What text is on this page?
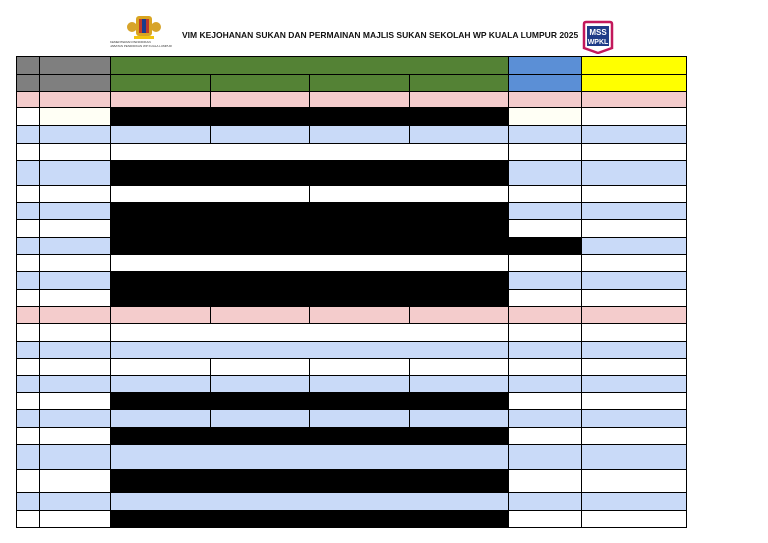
KEMENTERIAN PENDIDIKAN
JABATAN PENDIDIKAN WP KUALA LUMPUR
VIM KEJOHANAN SUKAN DAN PERMAINAN MAJLIS SUKAN SEKOLAH WP KUALA LUMPUR 2025 MSS
WPKL
